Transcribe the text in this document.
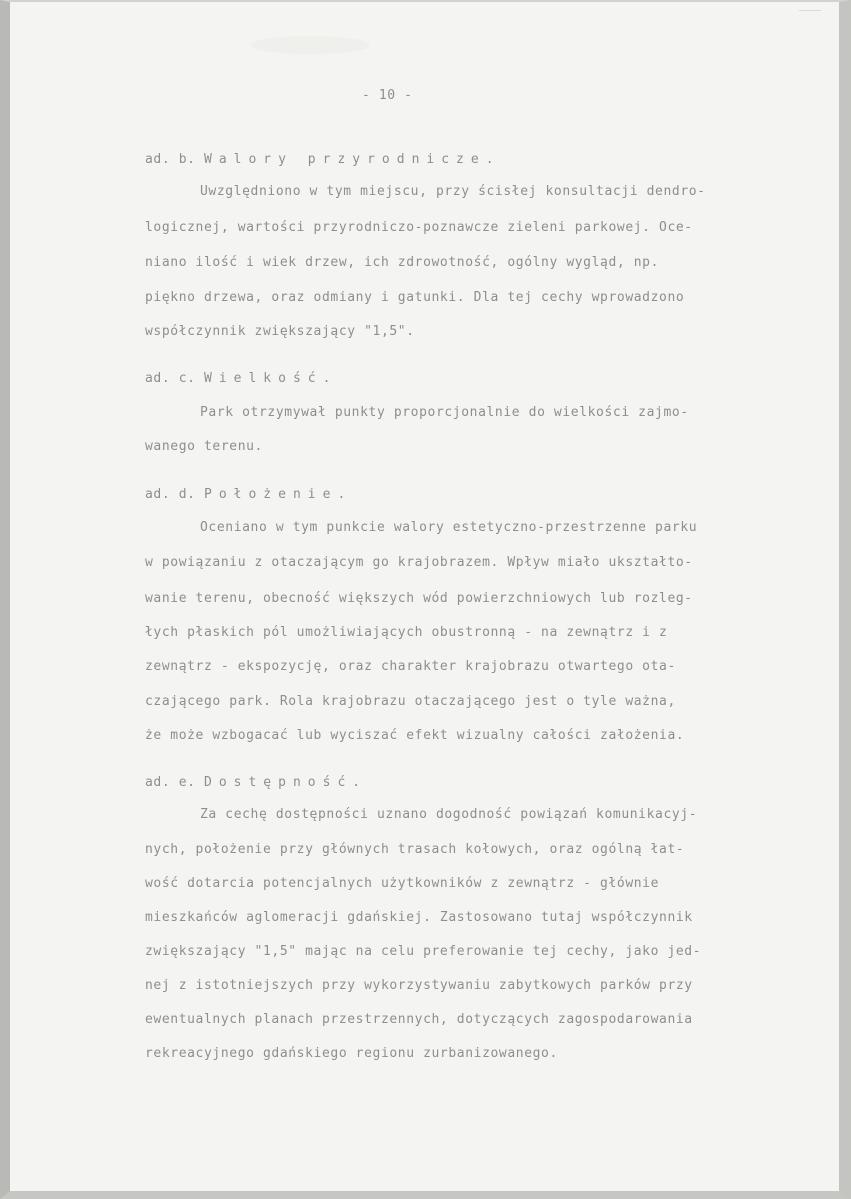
- 10 -
ad. b. Walory przyrodnicze.
Uwzględniono w tym miejscu, przy ścisłej konsultacji dendro-
logicznej, wartości przyrodniczo-poznawcze zieleni parkowej. Oce-
niano ilość i wiek drzew, ich zdrowotność, ogólny wygląd, np.
piękno drzewa, oraz odmiany i gatunki. Dla tej cechy wprowadzono
współczynnik zwiększający "1,5".
ad. c. Wielkość.
Park otrzymywał punkty proporcjonalnie do wielkości zajmo-
wanego terenu.
ad. d. Położenie.
Oceniano w tym punkcie walory estetyczno-przestrzenne parku
w powiązaniu z otaczającym go krajobrazem. Wpływ miało ukształto-
wanie terenu, obecność większych wód powierzchniowych lub rozleg-
łych płaskich pól umożliwiających obustronną - na zewnątrz i z
zewnątrz - ekspozycję, oraz charakter krajobrazu otwartego ota-
czającego park. Rola krajobrazu otaczającego jest o tyle ważna,
że może wzbogacać lub wyciszać efekt wizualny całości założenia.
ad. e. Dostępność.
Za cechę dostępności uznano dogodność powiązań komunikacyj-
nych, położenie przy głównych trasach kołowych, oraz ogólną łat-
wość dotarcia potencjalnych użytkowników z zewnątrz - głównie
mieszkańców aglomeracji gdańskiej. Zastosowano tutaj współczynnik
zwiększający "1,5" mając na celu preferowanie tej cechy, jako jed-
nej z istotniejszych przy wykorzystywaniu zabytkowych parków przy
ewentualnych planach przestrzennych, dotyczących zagospodarowania
rekreacyjnego gdańskiego regionu zurbanizowanego.
